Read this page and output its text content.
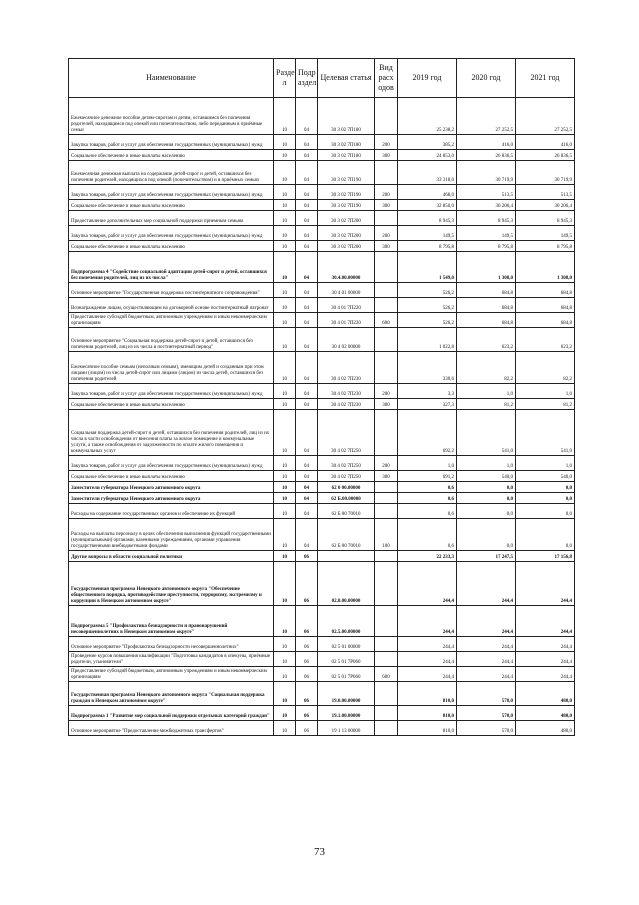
Наименование	Разде л	Подр аздел	Целевая статья	Вид расх одов	2019 год	2020 год	2021 год
Ежемесячное денежное пособие детям-сиротам и детям, оставшимся без попечения родителей, находящимся под опекой или попечительством, либо переданным в приёмные семьи	10	04	30 3 02 7П180		25 238,2	27 252,5	27 252,5
Закупка товаров, работ и услуг для обеспечения государственных (муниципальных) нужд	10	04	30 3 02 7П180	200	385,2	416,0	416,0
Социальное обеспечение и иные выплаты населению	10	04	30 3 02 7П180	300	24 853,0	26 836,5	26 836,5
Ежемесячная денежная выплата на содержание детей-сирот и детей, оставшихся без попечения родителей, находящихся под опекой (попечительством) и в приёмных семьях	10	04	30 3 02 7П190		33 318,0	30 719,9	30 719,9
Закупка товаров, работ и услуг для обеспечения государственных (муниципальных) нужд	10	04	30 3 02 7П190	200	468,0	513,5	513,5
Социальное обеспечение и иные выплаты населению	10	04	30 3 02 7П190	300	32 850,0	30 206,4	30 206,4
Предоставление дополнительных мер социальной поддержки приемным семьям	10	04	30 3 02 7П200		8 945,3	8 945,3	8 945,3
Закупка товаров, работ и услуг для обеспечения государственных (муниципальных) нужд	10	04	30 3 02 7П200	200	149,5	149,5	149,5
Социальное обеспечение и иные выплаты населению	10	04	30 3 02 7П200	300	8 795,8	8 795,8	8 795,8
Подпрограмма 4 "Содействие социальной адаптации детей-сирот и детей, оставшихся без попечения родителей, лиц из их числа"	10	04	30.4.00.00000		1 549,0	1 308,0	1 308,0
Основное мероприятие "Государственная поддержка постинтернатного сопровождения"	10	04	30 4 01 00000		526,2	684,8	684,8
Вознаграждение лицам, осуществляющим на договорной основе постинтернатный патронат	10	04	30 4 01 7П220		526,2	684,8	684,8
Предоставление субсидий бюджетным, автономным учреждениям и иным некоммерческим организациям	10	04	30 4 01 7П220	600	526,2	684,8	684,8
Основное мероприятие "Социальная поддержка детей-сирот и детей, оставшихся без попечения родителей, лиц из их числа в постинтернатный период"	10	04	30 4 02 00000		1 022,8	623,2	623,2
Ежемесячное пособие семьям (неполным семьям), имеющим детей и созданным при этом лицами (лицом) из числа детей-сирот или лицами (лицом) из числа детей, оставшихся без попечения родителей	10	04	30 4 02 7П230		330,6	82,2	82,2
Закупка товаров, работ и услуг для обеспечения государственных (муниципальных) нужд	10	04	30 4 02 7П230	200	3,3	1,0	1,0
Социальное обеспечение и иные выплаты населению	10	04	30 4 02 7П230	300	327,3	81,2	81,2
Социальная поддержка детей-сирот и детей, оставшихся без попечения родителей, лиц из их числа в части освобождения от внесения платы за жилое помещение и коммунальные услуги, а также освобождения от задолженности по оплате жилого помещения и коммунальных услуг	10	04	30 4 02 7П250		692,2	541,0	541,0
Закупка товаров, работ и услуг для обеспечения государственных (муниципальных) нужд	10	04	30 4 02 7П250	200	1,0	1,0	1,0
Социальное обеспечение и иные выплаты населению	10	04	30 4 02 7П250	300	691,2	540,0	540,0
Заместители губернатора Ненецкого автономного округа	10	04	62 0 00.00000		0,6	0,0	0,0
Заместители губернатора Ненецкого автономного округа	10	04	62 Б.00.00000		0,6	0,0	0,0
Расходы на содержание государственных органов и обеспечение их функций	10	04	62 Б 00 70010		0,6	0,0	0,0
Расходы на выплаты персоналу в целях обеспечения выполнения функций государственными (муниципальными) органами, казенными учреждениями, органами управления государственными внебюджетными фондами	10	04	62 Б 00 70010	100	0,6	0,0	0,0
Другие вопросы в области социальной политики	10	06			22 233,3	17 247,5	17 156,8
Государственная программа Ненецкого автономного округа "Обеспечение общественного порядка, противодействие преступности, терроризму, экстремизму и коррупции в Ненецком автономном округе"	10	06	02.0.00.00000		244,4	244,4	244,4
Подпрограмма 5 "Профилактика безнадзорности и правонарушений несовершеннолетних в Ненецком автономном округе"	10	06	02.5.00.00000		244,4	244,4	244,4
Основное мероприятие "Профилактика безнадзорности несовершеннолетних"	10	06	02 5 01 00000		244,4	244,4	244,4
Проведение курсов повышения квалификации "Подготовка кандидатов в опекуны, приёмные родители, усыновители"	10	06	02 5 01 7Р060		244,4	244,4	244,4
Предоставление субсидий бюджетным, автономным учреждениям и иным некоммерческим организациям	10	06	02 5 01 7Р060	600	244,4	244,4	244,4
Государственная программа Ненецкого автономного округа "Социальная поддержка граждан в Ненецком автономном округе"	10	06	19.0.00.00000		810,0	570,0	480,0
Подпрограмма 1 "Развитие мер социальной поддержки отдельных категорий граждан"	10	06	19.1.00.00000		810,0	570,0	480,0
Основное мероприятие "Предоставление межбюджетных трансфертов"	10	06	19 1 13 00000		810,0	570,0	480,0
73
